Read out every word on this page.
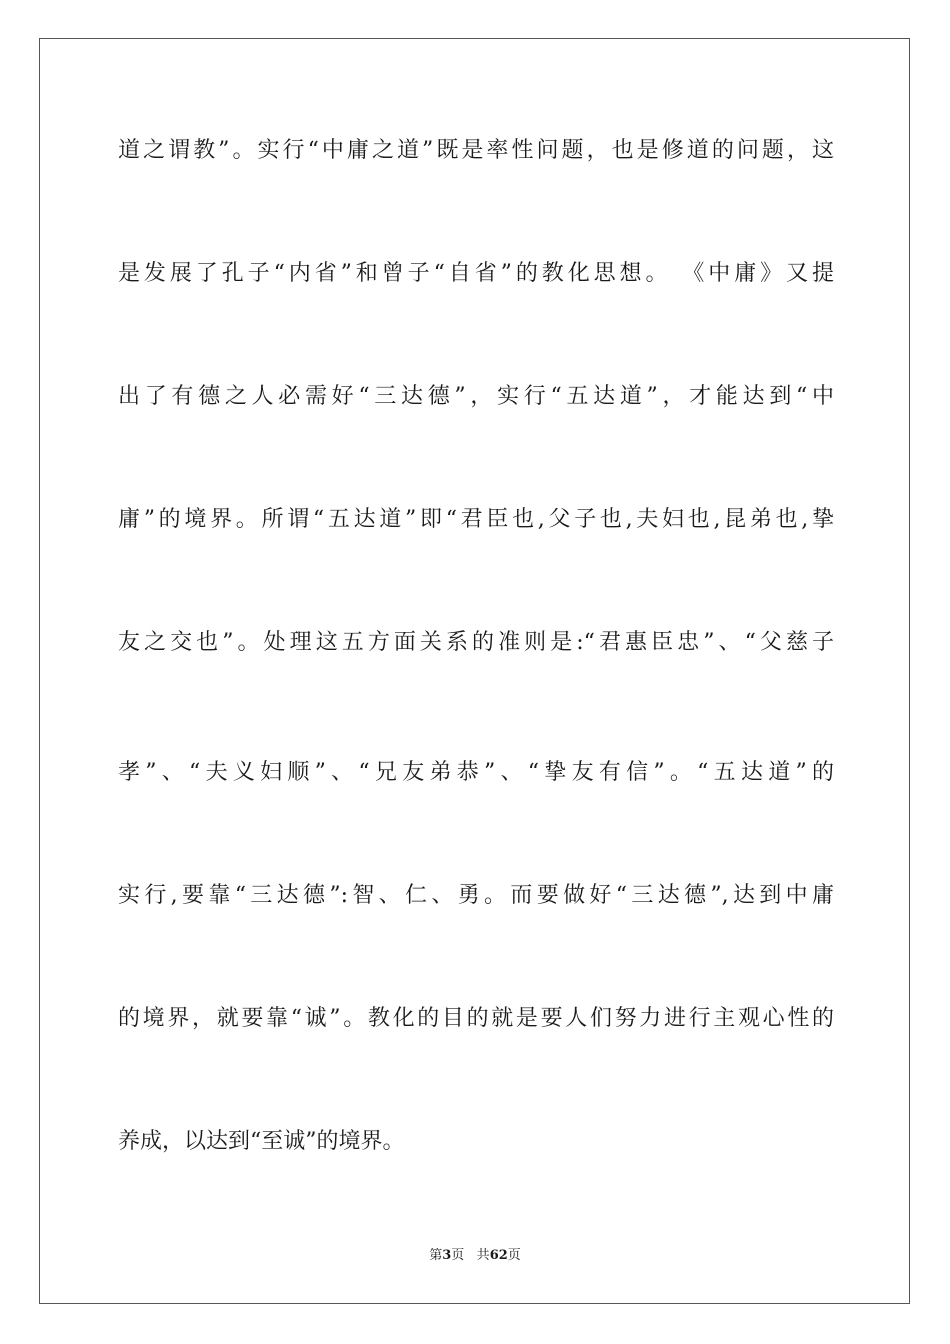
道之谓教”。实行“中庸之道”既是率性问题，也是修道的问题，这
是发展了孔子“内省”和曾子“自省”的教化思想。 《中庸》又提
出了有德之人必需好“三达德”，实行“五达道”，才能达到“中
庸”的境界。所谓“五达道”即“君臣也,父子也,夫妇也,昆弟也,挚
友之交也”。处理这五方面关系的准则是:“君惠臣忠”、“父慈子
孝”、“夫义妇顺”、“兄友弟恭”、“挚友有信”。“五达道”的
实行,要靠“三达德”:智、仁、勇。而要做好“三达德”,达到中庸
的境界，就要靠“诚”。教化的目的就是要人们努力进行主观心性的
养成，以达到“至诚”的境界。
第3页 共62页
